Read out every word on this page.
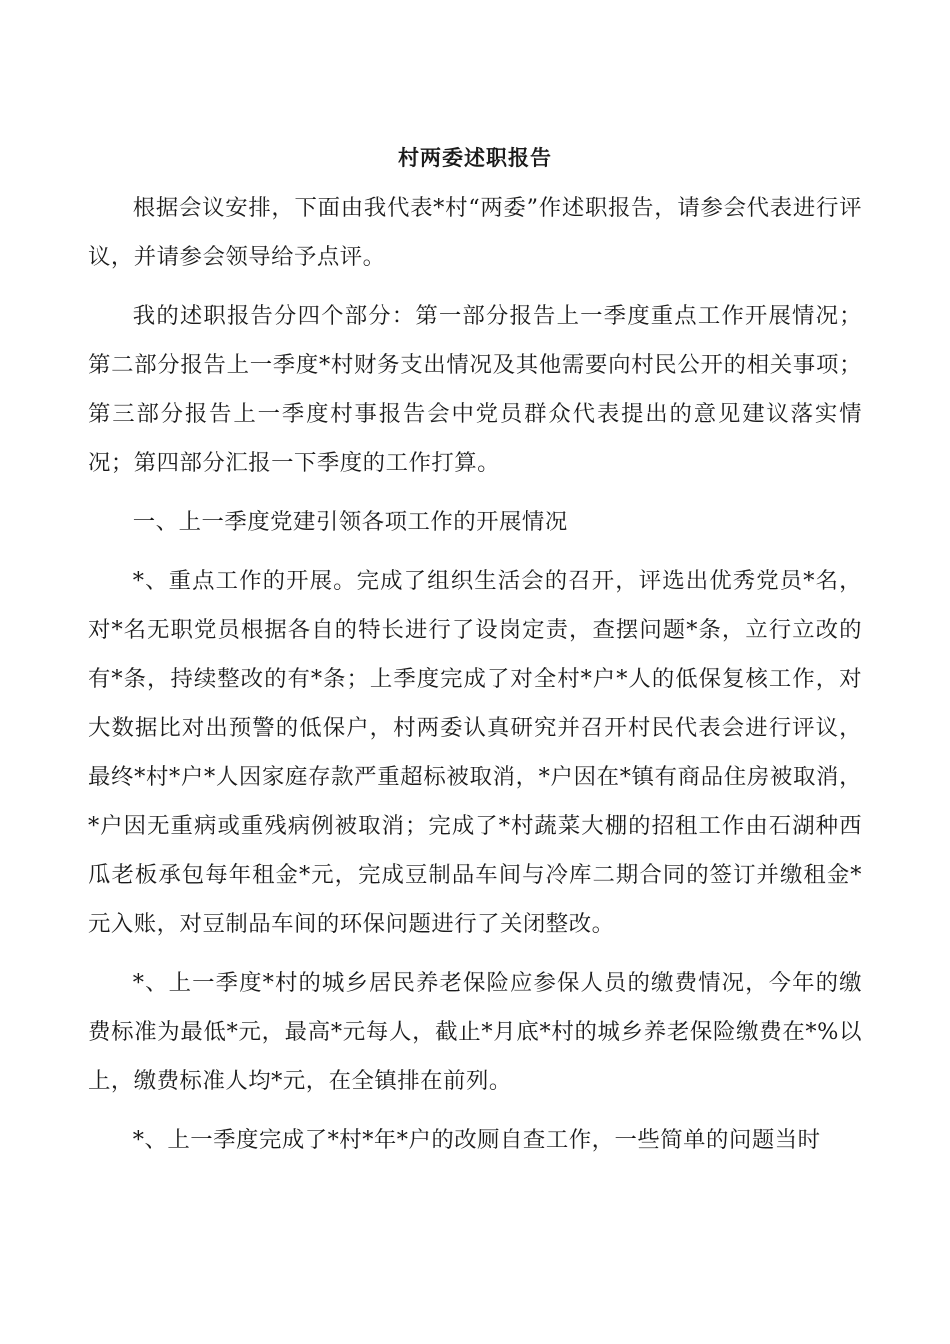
村两委述职报告

根据会议安排，下面由我代表*村“两委”作述职报告，请参会代表进行评议，并请参会领导给予点评。

我的述职报告分四个部分：第一部分报告上一季度重点工作开展情况；第二部分报告上一季度*村财务支出情况及其他需要向村民公开的相关事项；第三部分报告上一季度村事报告会中党员群众代表提出的意见建议落实情况；第四部分汇报一下季度的工作打算。

一、上一季度党建引领各项工作的开展情况

*、重点工作的开展。完成了组织生活会的召开，评选出优秀党员*名，对*名无职党员根据各自的特长进行了设岗定责，查摆问题*条，立行立改的有*条，持续整改的有*条；上季度完成了对全村*户*人的低保复核工作，对大数据比对出预警的低保户，村两委认真研究并召开村民代表会进行评议，最终*村*户*人因家庭存款严重超标被取消，*户因在*镇有商品住房被取消，*户因无重病或重残病例被取消；完成了*村蔬菜大棚的招租工作由石湖种西瓜老板承包每年租金*元，完成豆制品车间与冷库二期合同的签订并缴租金*元入账，对豆制品车间的环保问题进行了关闭整改。

*、上一季度*村的城乡居民养老保险应参保人员的缴费情况，今年的缴费标准为最低*元，最高*元每人，截止*月底*村的城乡养老保险缴费在*%以上，缴费标准人均*元，在全镇排在前列。

*、上一季度完成了*村*年*户的改厕自查工作，一些简单的问题当时
